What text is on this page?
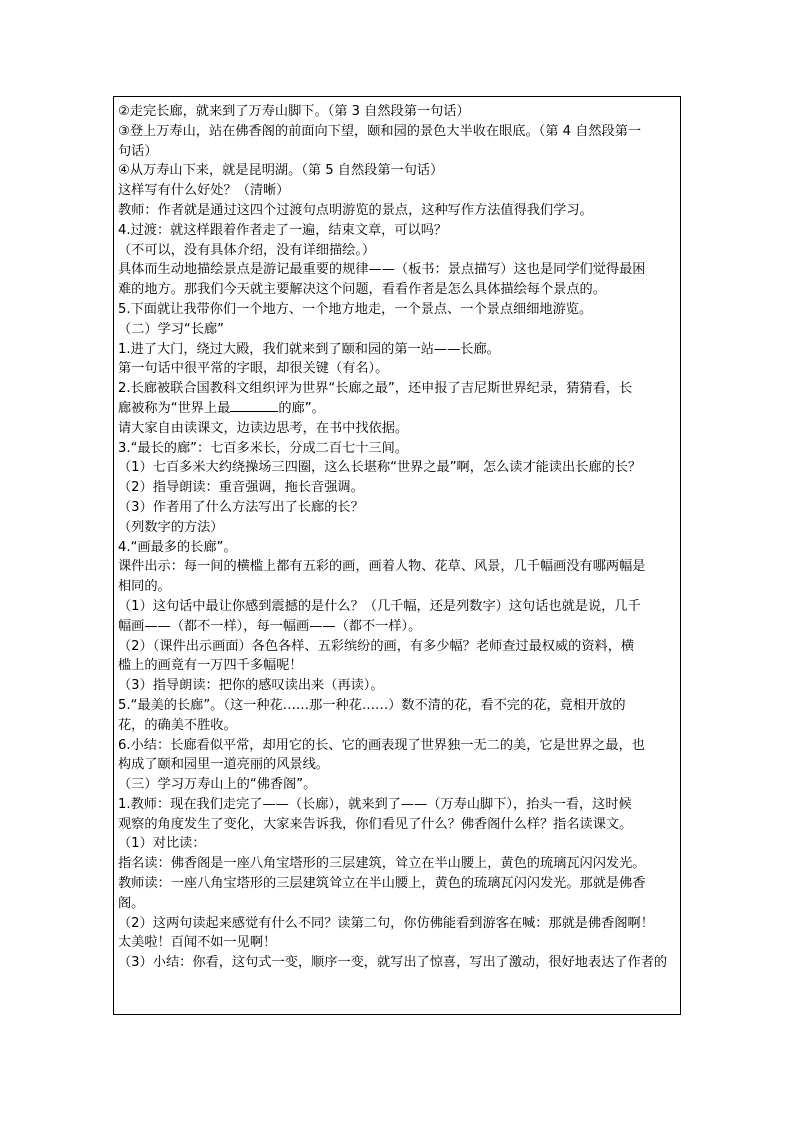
②走完长廊，就来到了万寿山脚下。（第 3 自然段第一句话）
③登上万寿山，站在佛香阁的前面向下望，颐和园的景色大半收在眼底。（第 4 自然段第一
句话）
④从万寿山下来，就是昆明湖。（第 5 自然段第一句话）
这样写有什么好处？（清晰）
教师：作者就是通过这四个过渡句点明游览的景点，这种写作方法值得我们学习。
4.过渡：就这样跟着作者走了一遍，结束文章，可以吗？
（不可以，没有具体介绍，没有详细描绘。）
具体而生动地描绘景点是游记最重要的规律——（板书：景点描写）这也是同学们觉得最困
难的地方。那我们今天就主要解决这个问题，看看作者是怎么具体描绘每个景点的。
5.下面就让我带你们一个地方、一个地方地走，一个景点、一个景点细细地游览。
（二）学习“长廊”
1.进了大门，绕过大殿，我们就来到了颐和园的第一站——长廊。
第一句话中很平常的字眼，却很关键（有名）。
2.长廊被联合国教科文组织评为世界“长廊之最”，还申报了吉尼斯世界纪录，猜猜看，长
廊被称为“世界上最	的廊”。
请大家自由读课文，边读边思考，在书中找依据。
3.“最长的廊”：七百多米长，分成二百七十三间。
（1）七百多米大约绕操场三四圈，这么长堪称“世界之最”啊，怎么读才能读出长廊的长？
（2）指导朗读：重音强调，拖长音强调。
（3）作者用了什么方法写出了长廊的长？
（列数字的方法）
4.“画最多的长廊”。
课件出示：每一间的横槛上都有五彩的画，画着人物、花草、风景，几千幅画没有哪两幅是
相同的。
（1）这句话中最让你感到震撼的是什么？（几千幅，还是列数字）这句话也就是说，几千
幅画——（都不一样），每一幅画——（都不一样）。
（2）（课件出示画面）各色各样、五彩缤纷的画，有多少幅？老师查过最权威的资料，横
槛上的画竟有一万四千多幅呢！
（3）指导朗读：把你的感叹读出来（再读）。
5.“最美的长廊”。（这一种花……那一种花……）数不清的花，看不完的花，竟相开放的
花，的确美不胜收。
6.小结：长廊看似平常，却用它的长、它的画表现了世界独一无二的美，它是世界之最，也
构成了颐和园里一道亮丽的风景线。
（三）学习万寿山上的“佛香阁”。
1.教师：现在我们走完了——（长廊），就来到了——（万寿山脚下），抬头一看，这时候
观察的角度发生了变化，大家来告诉我，你们看见了什么？佛香阁什么样？指名读课文。
（1）对比读：
指名读：佛香阁是一座八角宝塔形的三层建筑，耸立在半山腰上，黄色的琉璃瓦闪闪发光。
教师读：一座八角宝塔形的三层建筑耸立在半山腰上，黄色的琉璃瓦闪闪发光。那就是佛香
阁。
（2）这两句读起来感觉有什么不同？读第二句，你仿佛能看到游客在喊：那就是佛香阁啊！
太美啦！百闻不如一见啊！
（3）小结：你看，这句式一变，顺序一变，就写出了惊喜，写出了激动，很好地表达了作者的
